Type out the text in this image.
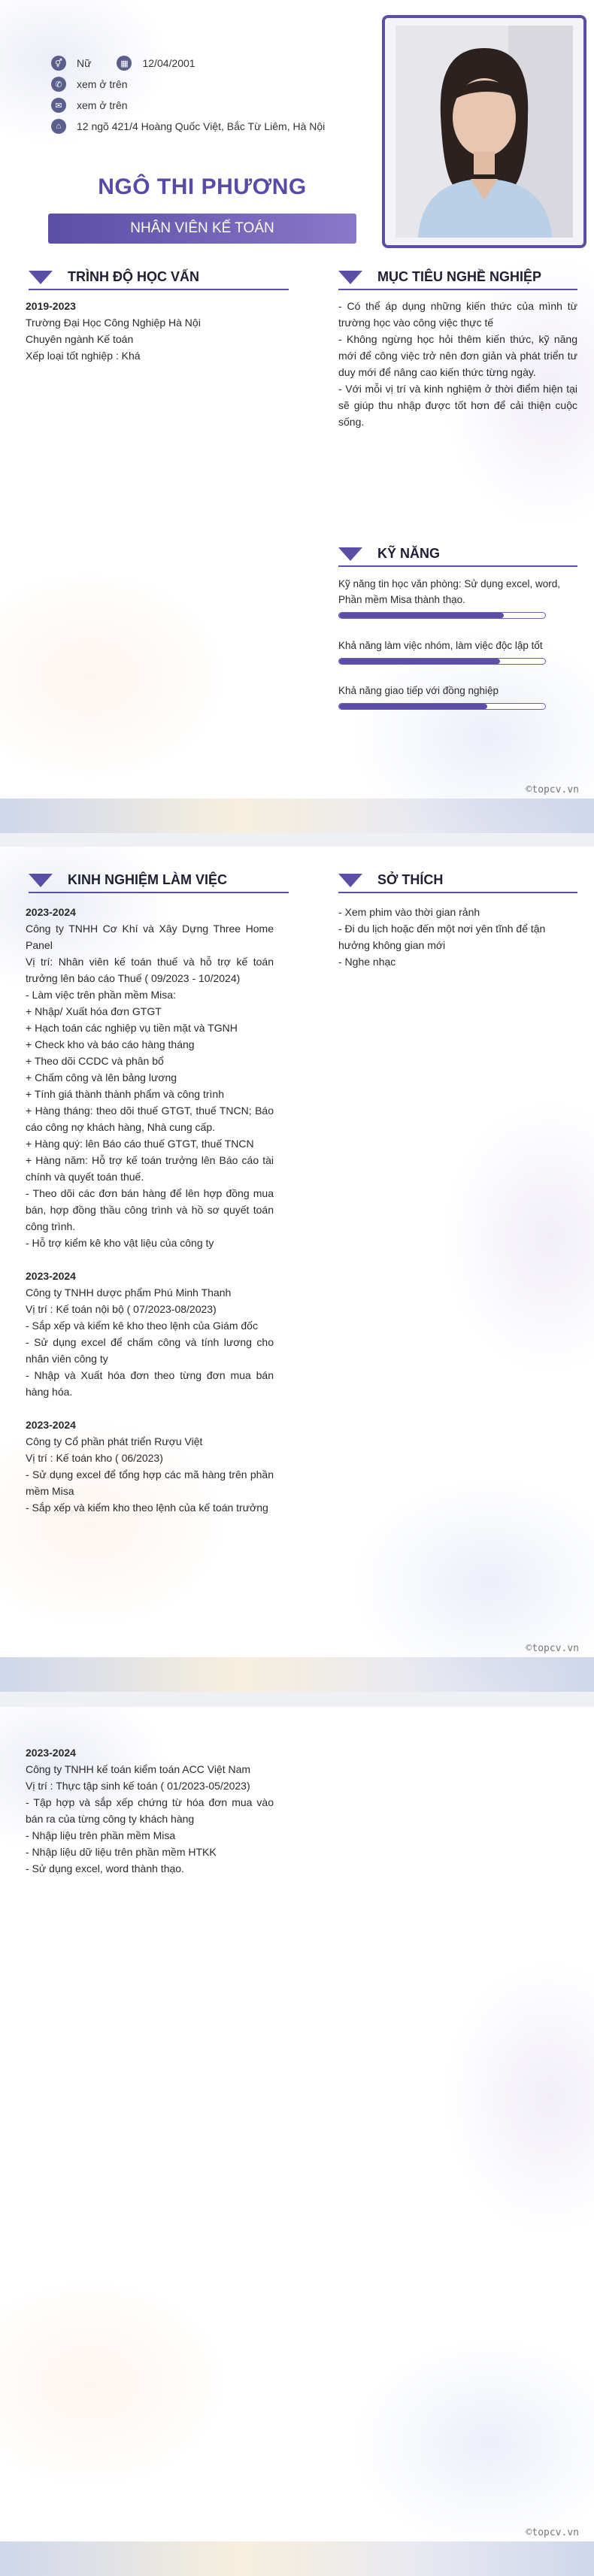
⚥	Nữ	▦	12/04/2001
✆	xem ở trên
✉	xem ở trên
⌂	12 ngõ 421/4 Hoàng Quốc Việt, Bắc Từ Liêm, Hà Nội
NGÔ THI PHƯƠNG
NHÂN VIÊN KẾ TOÁN
TRÌNH ĐỘ HỌC VẤN
2019-2023
Trường Đại Học Công Nghiệp Hà Nội
Chuyên ngành Kế toán
Xếp loại tốt nghiệp : Khá
MỤC TIÊU NGHỀ NGHIỆP
- Có thể áp dụng những kiến thức của mình từ trường học vào công việc thực tế
- Không ngừng học hỏi thêm kiến thức, kỹ năng mới để công việc trở nên đơn giản và phát triển tư duy mới để nâng cao kiến thức từng ngày.
- Với mỗi vị trí và kinh nghiệm ở thời điểm hiện tại sẽ giúp thu nhập được tốt hơn để cải thiện cuộc sống.
KỸ NĂNG
Kỹ năng tin học văn phòng: Sử dụng excel, word, Phần mềm Misa thành thạo.
Khả năng làm việc nhóm, làm việc độc lập tốt
Khả năng giao tiếp với đồng nghiệp
©topcv.vn
KINH NGHIỆM LÀM VIỆC
2023-2024
Công ty TNHH Cơ Khí và Xây Dựng Three Home Panel
Vị trí: Nhân viên kế toán thuế và hỗ trợ kế toán trưởng lên báo cáo Thuế ( 09/2023 - 10/2024)
- Làm việc trên phần mềm Misa:
+ Nhập/ Xuất hóa đơn GTGT
+ Hạch toán các nghiệp vụ tiền mặt và TGNH
+ Check kho và báo cáo hàng tháng
+ Theo dõi CCDC và phân bổ
+ Chấm công và lên bảng lương
+ Tính giá thành thành phẩm và công trình
+ Hàng tháng: theo dõi thuế GTGT, thuế TNCN; Báo cáo công nợ khách hàng, Nhà cung cấp.
+ Hàng quý: lên Báo cáo thuế GTGT, thuế TNCN
+ Hàng năm: Hỗ trợ kế toán trưởng lên Báo cáo tài chính và quyết toán thuế.
- Theo dõi các đơn bán hàng để lên hợp đồng mua bán, hợp đồng thầu công trình và hồ sơ quyết toán công trình.
- Hỗ trợ kiểm kê kho vật liệu của công ty
2023-2024
Công ty TNHH dược phẩm Phú Minh Thanh
Vị trí : Kế toán nội bộ ( 07/2023-08/2023)
- Sắp xếp và kiểm kê kho theo lệnh của Giám đốc
- Sử dụng excel để chấm công và tính lương cho nhân viên công ty
- Nhập và Xuất hóa đơn theo từng đơn mua bán hàng hóa.
2023-2024
Công ty Cổ phần phát triển Rượu Việt
Vị trí : Kế toán kho ( 06/2023)
- Sử dụng excel để tổng hợp các mã hàng trên phần mềm Misa
- Sắp xếp và kiểm kho theo lệnh của kế toán trưởng
SỞ THÍCH
- Xem phim vào thời gian rảnh
- Đi du lịch hoặc đến một nơi yên tĩnh để tận hưởng không gian mới
- Nghe nhạc
©topcv.vn
2023-2024
Công ty TNHH kế toán kiểm toán ACC Việt Nam
Vị trí : Thực tập sinh kế toán ( 01/2023-05/2023)
- Tập hợp và sắp xếp chứng từ hóa đơn mua vào bán ra của từng công ty khách hàng
- Nhập liệu trên phần mềm Misa
- Nhập liệu dữ liệu trên phần mềm HTKK
- Sử dụng excel, word thành thạo.
©topcv.vn
